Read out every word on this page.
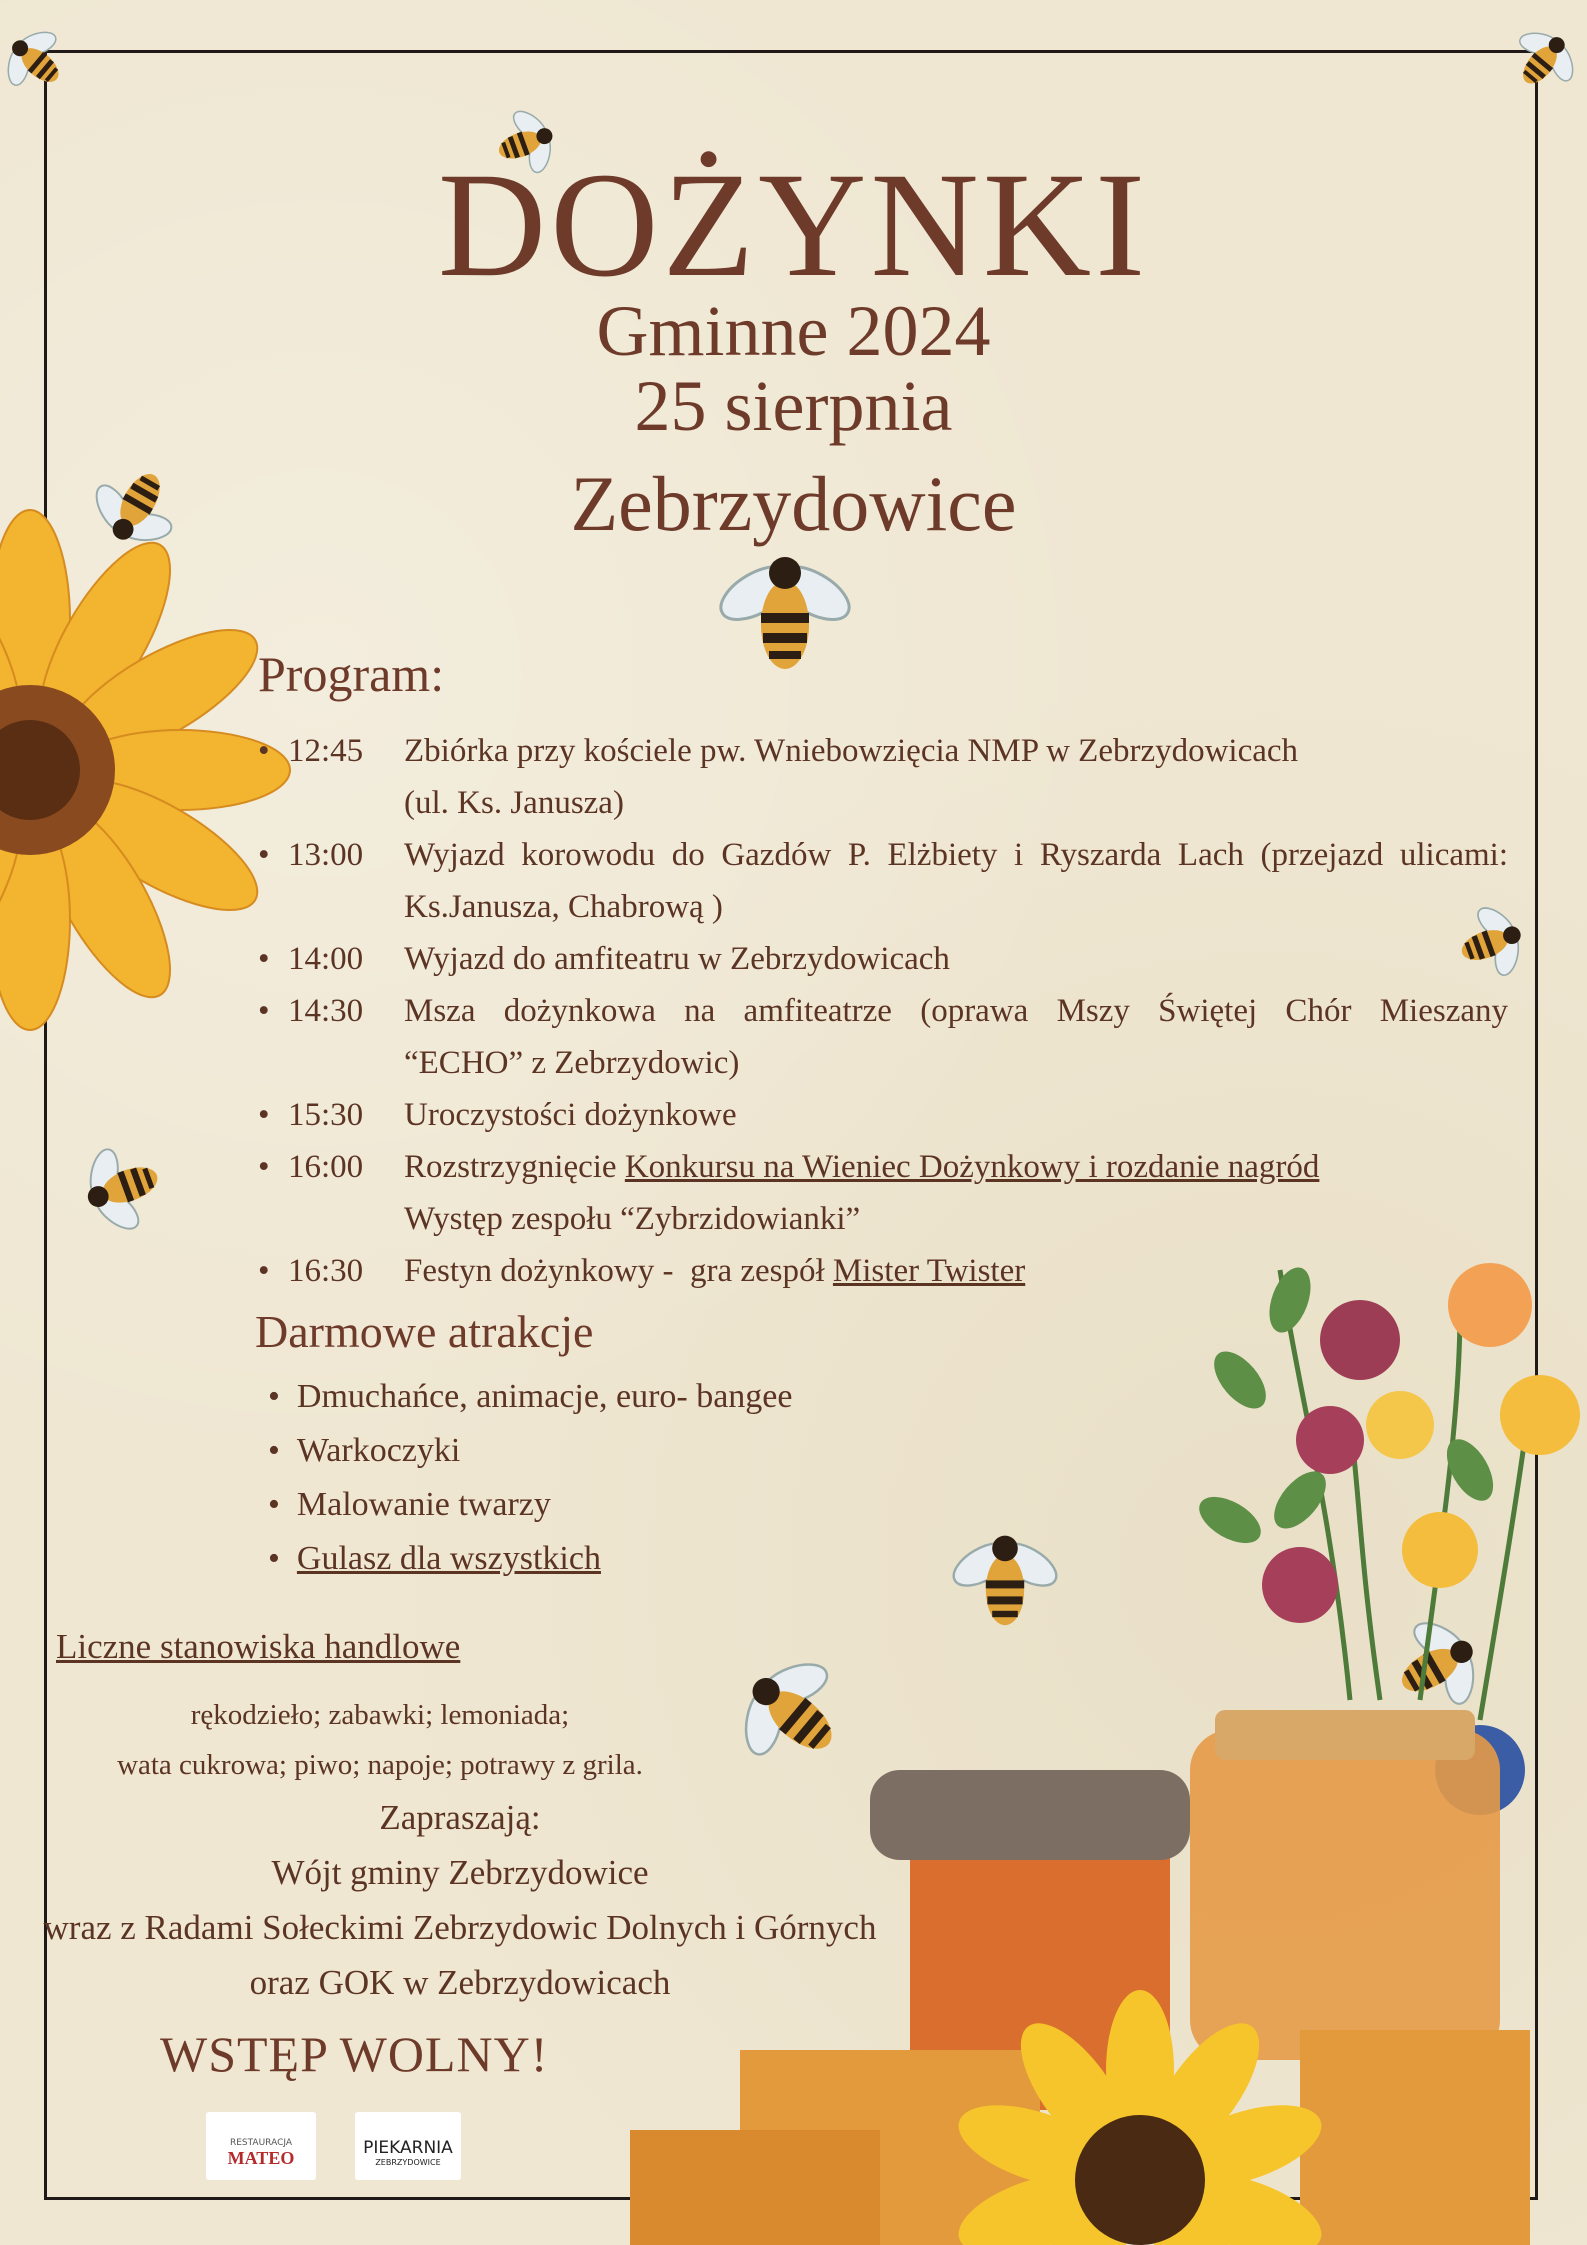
DOŻYNKI
Gminne 2024
25 sierpnia
Zebrzydowice
Program:
• 12:45	Zbiórka przy kościele pw. Wniebowzięcia NMP w Zebrzydowicach
(ul. Ks. Janusza)
• 13:00	Wyjazd korowodu do Gazdów P. Elżbiety i Ryszarda Lach (przejazd ulicami:
Ks.Janusza, Chabrową )
• 14:00	Wyjazd do amfiteatru w Zebrzydowicach
• 14:30	Msza dożynkowa na amfiteatrze (oprawa Mszy Świętej Chór Mieszany
“ECHO” z Zebrzydowic)
• 15:30	Uroczystości dożynkowe
• 16:00	Rozstrzygnięcie Konkursu na Wieniec Dożynkowy i rozdanie nagród
Występ zespołu “Zybrzidowianki”
• 16:30	Festyn dożynkowy -  gra zespół Mister Twister
Darmowe atrakcje
•  Dmuchańce, animacje, euro- bangee
•  Warkoczyki
•  Malowanie twarzy
•  Gulasz dla wszystkich
Liczne stanowiska handlowe
rękodzieło; zabawki; lemoniada;
wata cukrowa; piwo; napoje; potrawy z grila.
Zapraszają:
Wójt gminy Zebrzydowice
wraz z Radami Sołeckimi Zebrzydowic Dolnych i Górnych
oraz GOK w Zebrzydowicach
WSTĘP WOLNY!
RESTAURACJA
MATEO	PIEKARNIA
ZEBRZYDOWICE
